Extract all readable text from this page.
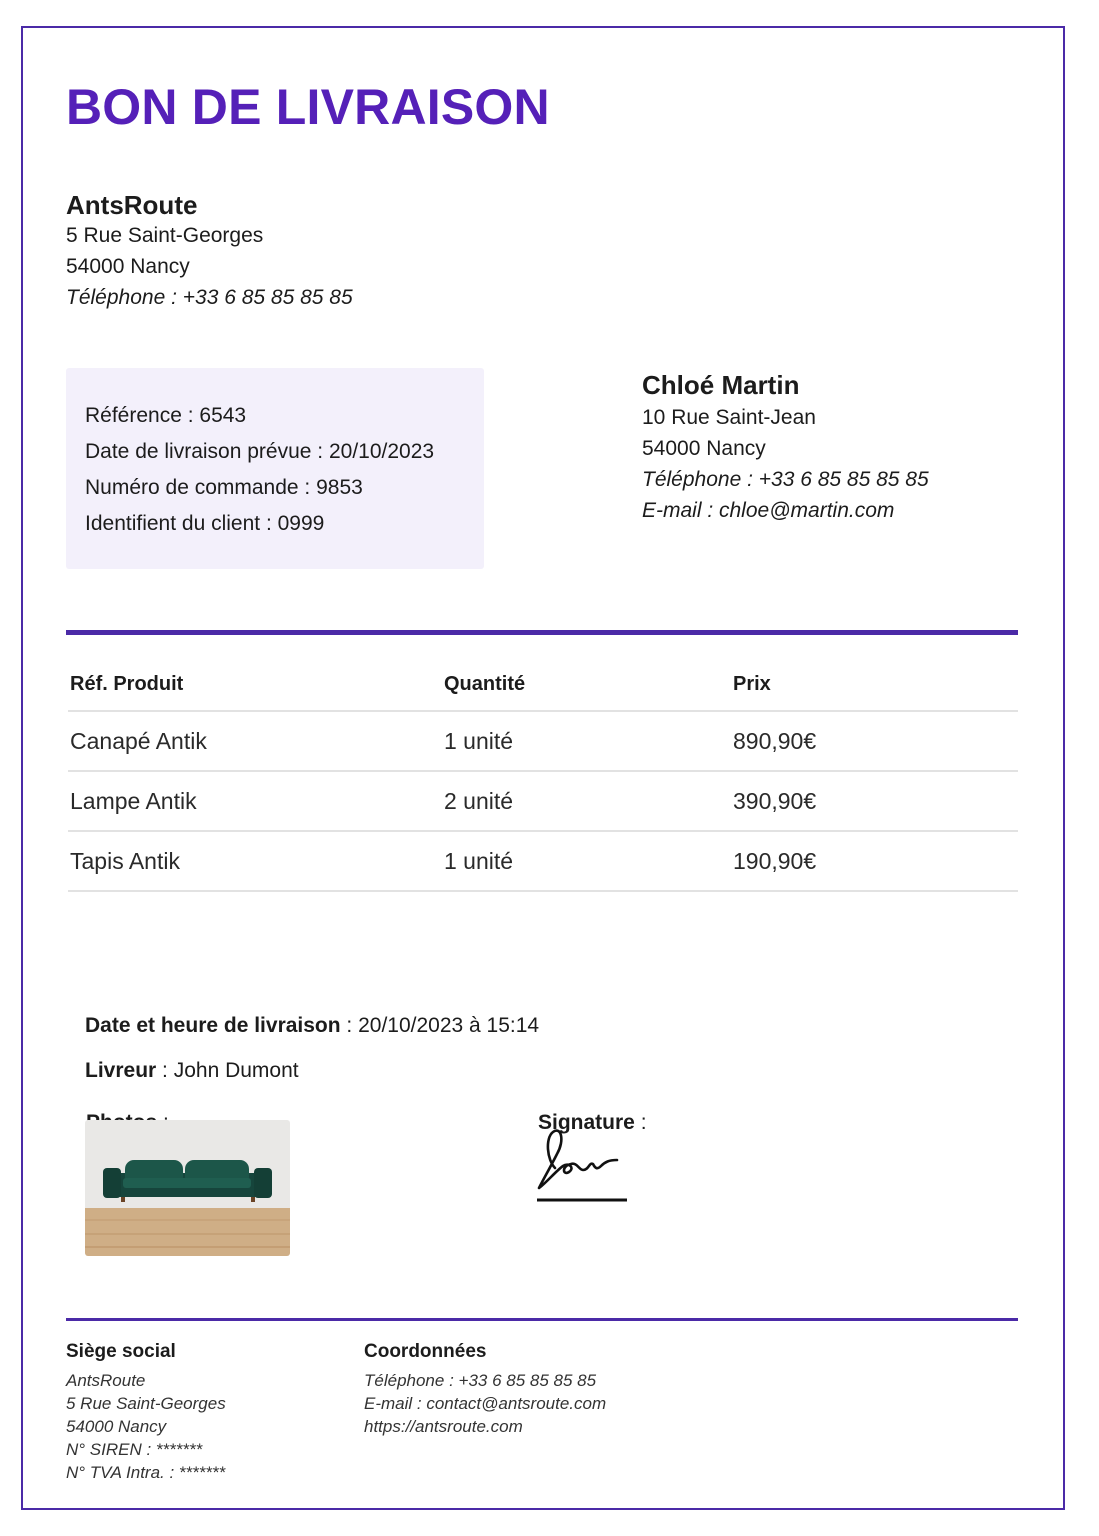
BON DE LIVRAISON
AntsRoute
5 Rue Saint-Georges
54000 Nancy
Téléphone : +33 6 85 85 85 85
Référence : 6543
Date de livraison prévue : 20/10/2023
Numéro de commande : 9853
Identifient du client : 0999
Chloé Martin
10 Rue Saint-Jean
54000 Nancy
Téléphone : +33 6 85 85 85 85
E-mail : chloe@martin.com
Réf. Produit	Quantité	Prix
Canapé Antik	1 unité	890,90€
Lampe Antik	2 unité	390,90€
Tapis Antik	1 unité	190,90€
Date et heure de livraison : 20/10/2023 à 15:14
Livreur : John Dumont
Signature :
Siège social
AntsRoute
5 Rue Saint-Georges
54000 Nancy
N° SIREN : *******
N° TVA Intra. : *******
Coordonnées
Téléphone : +33 6 85 85 85 85
E-mail : contact@antsroute.com
https://antsroute.com
